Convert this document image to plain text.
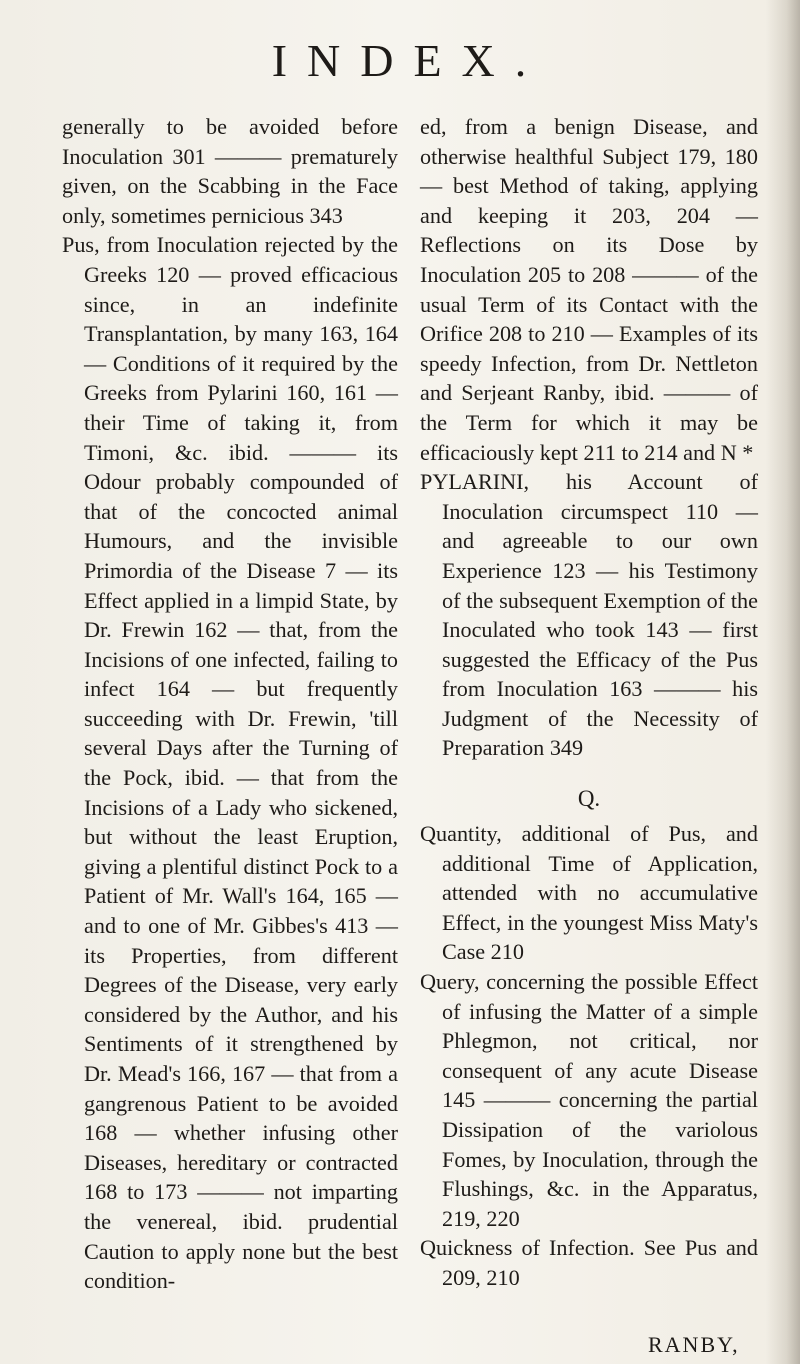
INDEX.

generally to be avoided before Inoculation 301 ——— prematurely given, on the Scabbing in the Face only, sometimes pernicious 343

Pus, from Inoculation rejected by the Greeks 120 — proved efficacious since, in an indefinite Transplantation, by many 163, 164 — Conditions of it required by the Greeks from Pylarini 160, 161 — their Time of taking it, from Timoni, &c. ibid. ——— its Odour probably compounded of that of the concocted animal Humours, and the invisible Primordia of the Disease 7 — its Effect applied in a limpid State, by Dr. Frewin 162 — that, from the Incisions of one infected, failing to infect 164 — but frequently succeeding with Dr. Frewin, 'till several Days after the Turning of the Pock, ibid. — that from the Incisions of a Lady who sickened, but without the least Eruption, giving a plentiful distinct Pock to a Patient of Mr. Wall's 164, 165 — and to one of Mr. Gibbes's 413 — its Properties, from different Degrees of the Disease, very early considered by the Author, and his Sentiments of it strengthened by Dr. Mead's 166, 167 — that from a gangrenous Patient to be avoided 168 — whether infusing other Diseases, hereditary or contracted 168 to 173 ——— not imparting the venereal, ibid. prudential Caution to apply none but the best condition-

ed, from a benign Disease, and otherwise healthful Subject 179, 180 — best Method of taking, applying and keeping it 203, 204 — Reflections on its Dose by Inoculation 205 to 208 ——— of the usual Term of its Contact with the Orifice 208 to 210 — Examples of its speedy Infection, from Dr. Nettleton and Serjeant Ranby, ibid. ——— of the Term for which it may be efficaciously kept 211 to 214 and N *

PYLARINI, his Account of Inoculation circumspect 110 — and agreeable to our own Experience 123 — his Testimony of the subsequent Exemption of the Inoculated who took 143 — first suggested the Efficacy of the Pus from Inoculation 163 ——— his Judgment of the Necessity of Preparation 349

Q.

Quantity, additional of Pus, and additional Time of Application, attended with no accumulative Effect, in the youngest Miss Maty's Case 210

Query, concerning the possible Effect of infusing the Matter of a simple Phlegmon, not critical, nor consequent of any acute Disease 145 ——— concerning the partial Dissipation of the variolous Fomes, by Inoculation, through the Flushings, &c. in the Apparatus, 219, 220

Quickness of Infection. See Pus and 209, 210

RANBY,
